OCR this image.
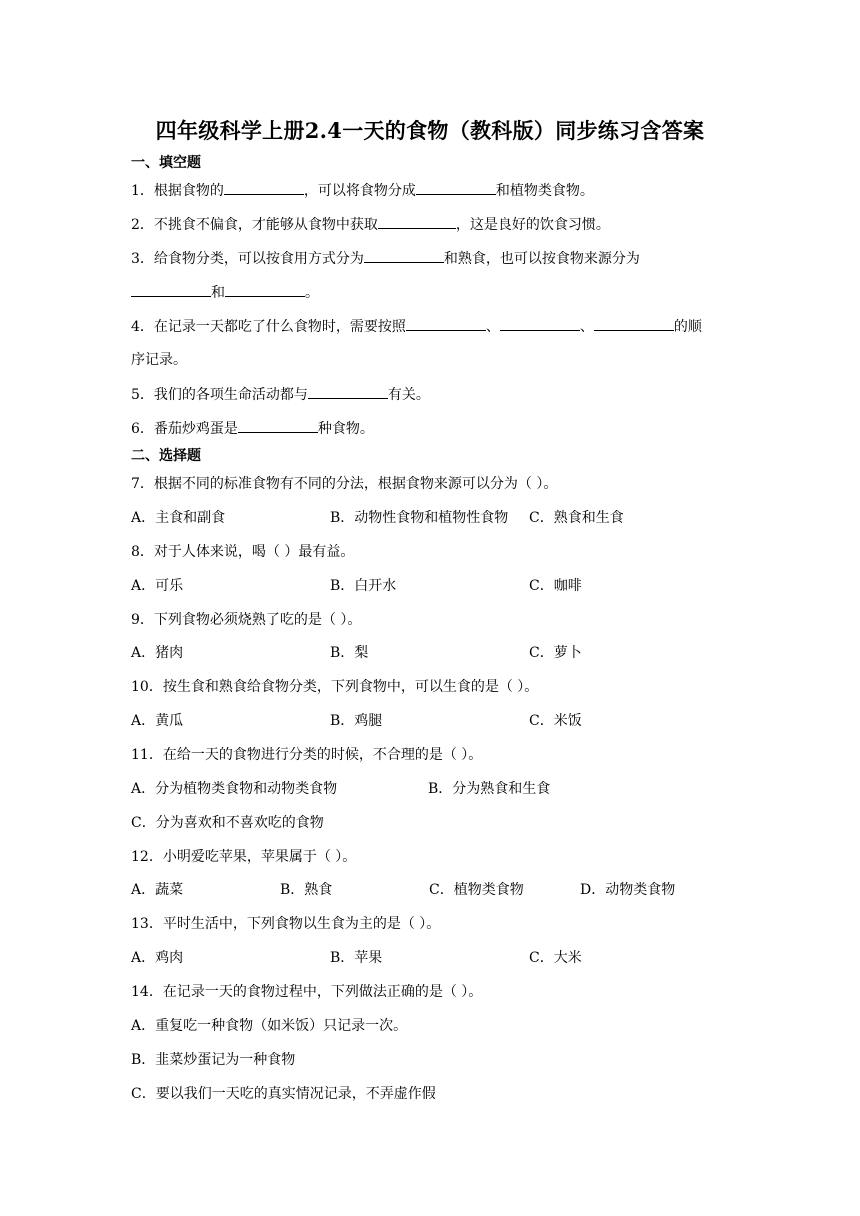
四年级科学上册2.4一天的食物（教科版）同步练习含答案
一、填空题
1．根据食物的	，可以将食物分成	和植物类食物。
2．不挑食不偏食，才能够从食物中获取	，这是良好的饮食习惯。
3．给食物分类，可以按食用方式分为	和熟食，也可以按食物来源分为
和	。
4．在记录一天都吃了什么食物时，需要按照	、	、	的顺
序记录。
5．我们的各项生命活动都与	有关。
6．番茄炒鸡蛋是	种食物。
二、选择题
7．根据不同的标准食物有不同的分法，根据食物来源可以分为（ ）。
A．主食和副食	B．动物性食物和植物性食物 C．熟食和生食
8．对于人体来说，喝（ ）最有益。
A．可乐	B．白开水	C．咖啡
9．下列食物必须烧熟了吃的是（ ）。
A．猪肉	B．梨	C．萝卜
10．按生食和熟食给食物分类，下列食物中，可以生食的是（ ）。
A．黄瓜	B．鸡腿	C．米饭
11．在给一天的食物进行分类的时候，不合理的是（ ）。
A．分为植物类食物和动物类食物	B．分为熟食和生食
C．分为喜欢和不喜欢吃的食物
12．小明爱吃苹果，苹果属于（ ）。
A．蔬菜	B．熟食	C．植物类食物	D．动物类食物
13．平时生活中，下列食物以生食为主的是（ ）。
A．鸡肉	B．苹果	C．大米
14．在记录一天的食物过程中，下列做法正确的是（ ）。
A．重复吃一种食物（如米饭）只记录一次。
B．韭菜炒蛋记为一种食物
C．要以我们一天吃的真实情况记录，不弄虚作假
